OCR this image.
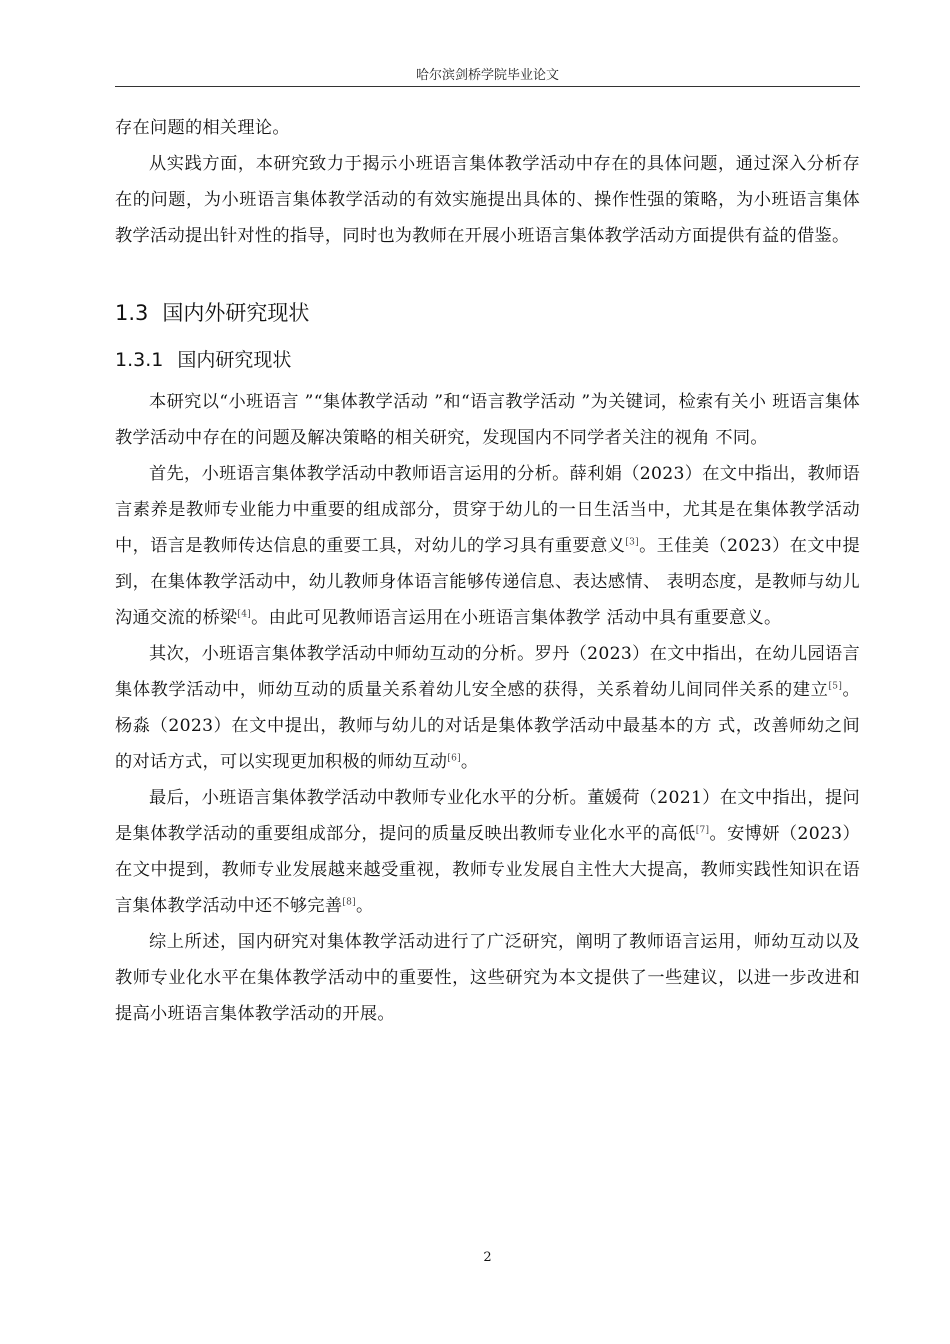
哈尔滨剑桥学院毕业论文

存在问题的相关理论。

从实践方面，本研究致力于揭示小班语言集体教学活动中存在的具体问题，通过深入分析存在的问题，为小班语言集体教学活动的有效实施提出具体的、操作性强的策略，为小班语言集体教学活动提出针对性的指导，同时也为教师在开展小班语言集体教学活动方面提供有益的借鉴。

1.3 国内外研究现状
1.3.1 国内研究现状

本研究以“小班语言 ”“集体教学活动 ”和“语言教学活动 ”为关键词，检索有关小 班语言集体教学活动中存在的问题及解决策略的相关研究，发现国内不同学者关注的视角 不同。

首先，小班语言集体教学活动中教师语言运用的分析。薛利娟（2023）在文中指出，教师语言素养是教师专业能力中重要的组成部分，贯穿于幼儿的一日生活当中，尤其是在集体教学活动中，语言是教师传达信息的重要工具，对幼儿的学习具有重要意义[3]。王佳美（2023）在文中提到，在集体教学活动中，幼儿教师身体语言能够传递信息、表达感情、 表明态度，是教师与幼儿沟通交流的桥梁[4]。由此可见教师语言运用在小班语言集体教学 活动中具有重要意义。

其次，小班语言集体教学活动中师幼互动的分析。罗丹（2023）在文中指出，在幼儿园语言集体教学活动中，师幼互动的质量关系着幼儿安全感的获得，关系着幼儿间同伴关系的建立[5]。杨淼（2023）在文中提出，教师与幼儿的对话是集体教学活动中最基本的方 式，改善师幼之间的对话方式，可以实现更加积极的师幼互动[6]。

最后，小班语言集体教学活动中教师专业化水平的分析。董媛荷（2021）在文中指出，提问是集体教学活动的重要组成部分，提问的质量反映出教师专业化水平的高低[7]。安博妍（2023）在文中提到，教师专业发展越来越受重视，教师专业发展自主性大大提高，教师实践性知识在语言集体教学活动中还不够完善[8]。

综上所述，国内研究对集体教学活动进行了广泛研究，阐明了教师语言运用，师幼互动以及教师专业化水平在集体教学活动中的重要性，这些研究为本文提供了一些建议，以进一步改进和提高小班语言集体教学活动的开展。

2
